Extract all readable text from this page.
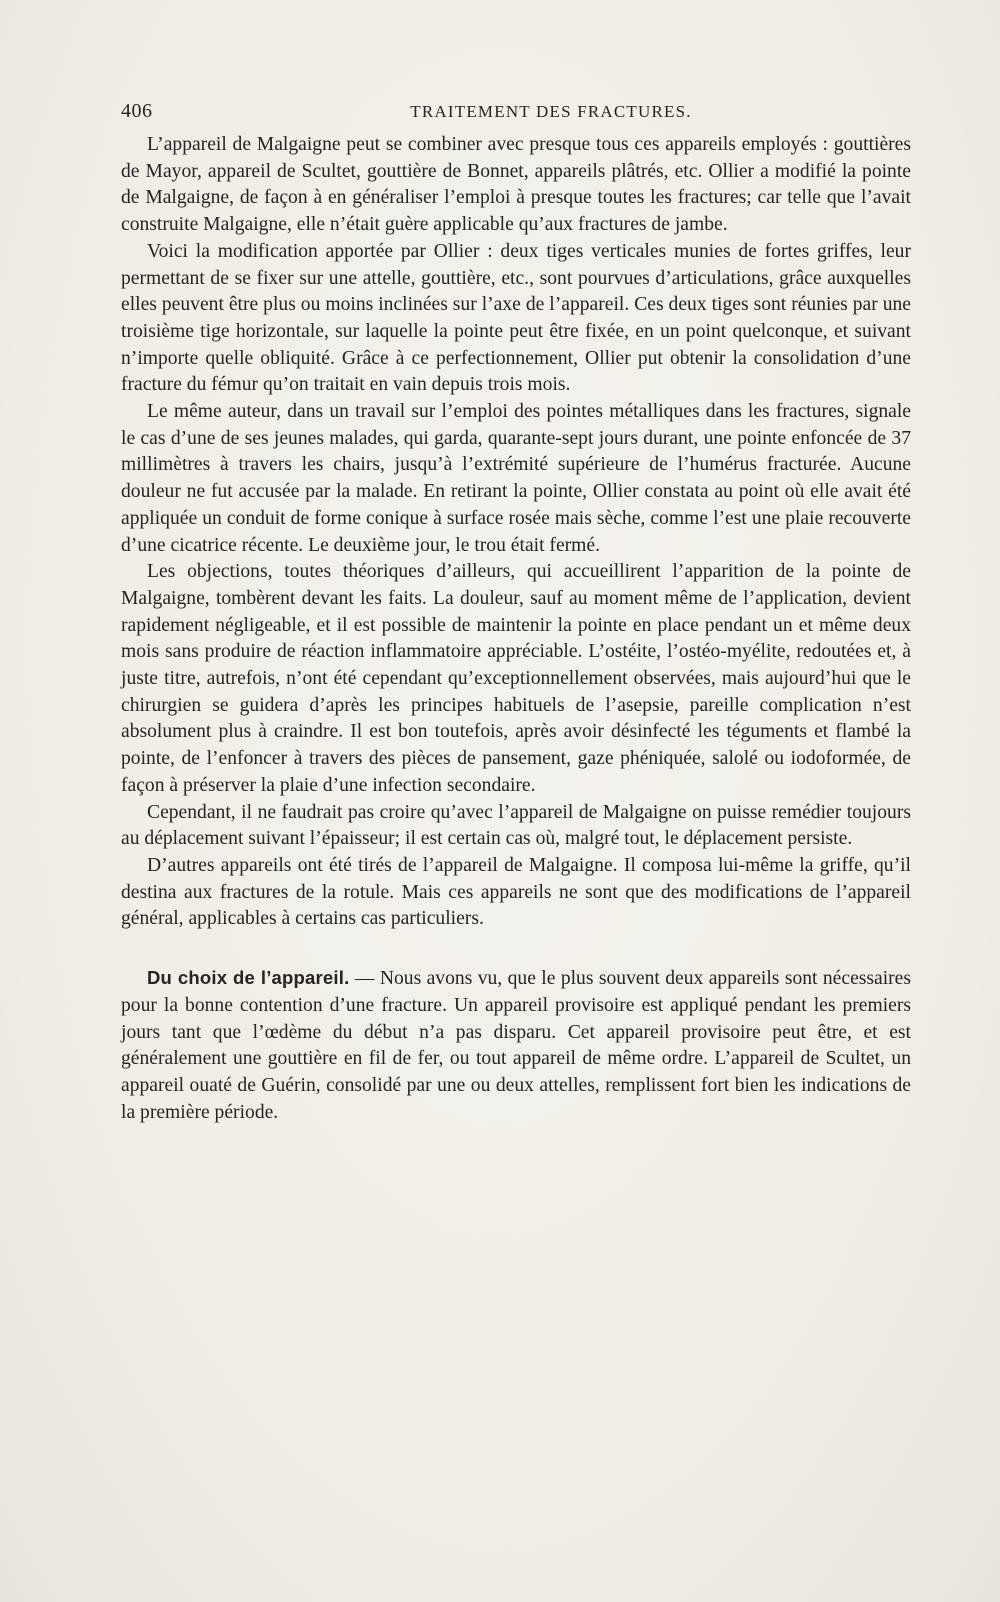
406	TRAITEMENT DES FRACTURES.

L’appareil de Malgaigne peut se combiner avec presque tous ces appareils employés : gouttières de Mayor, appareil de Scultet, gouttière de Bonnet, appareils plâtrés, etc. Ollier a modifié la pointe de Malgaigne, de façon à en généraliser l’emploi à presque toutes les fractures; car telle que l’avait construite Malgaigne, elle n’était guère applicable qu’aux fractures de jambe.

Voici la modification apportée par Ollier : deux tiges verticales munies de fortes griffes, leur permettant de se fixer sur une attelle, gouttière, etc., sont pourvues d’articulations, grâce auxquelles elles peuvent être plus ou moins inclinées sur l’axe de l’appareil. Ces deux tiges sont réunies par une troisième tige horizontale, sur laquelle la pointe peut être fixée, en un point quelconque, et suivant n’importe quelle obliquité. Grâce à ce perfectionnement, Ollier put obtenir la consolidation d’une fracture du fémur qu’on traitait en vain depuis trois mois.

Le même auteur, dans un travail sur l’emploi des pointes métalliques dans les fractures, signale le cas d’une de ses jeunes malades, qui garda, quarante-sept jours durant, une pointe enfoncée de 37 millimètres à travers les chairs, jusqu’à l’extrémité supérieure de l’humérus fracturée. Aucune douleur ne fut accusée par la malade. En retirant la pointe, Ollier constata au point où elle avait été appliquée un conduit de forme conique à surface rosée mais sèche, comme l’est une plaie recouverte d’une cicatrice récente. Le deuxième jour, le trou était fermé.

Les objections, toutes théoriques d’ailleurs, qui accueillirent l’apparition de la pointe de Malgaigne, tombèrent devant les faits. La douleur, sauf au moment même de l’application, devient rapidement négligeable, et il est possible de maintenir la pointe en place pendant un et même deux mois sans produire de réaction inflammatoire appréciable. L’ostéite, l’ostéo-myélite, redoutées et, à juste titre, autrefois, n’ont été cependant qu’exceptionnellement observées, mais aujourd’hui que le chirurgien se guidera d’après les principes habituels de l’asepsie, pareille complication n’est absolument plus à craindre. Il est bon toutefois, après avoir désinfecté les téguments et flambé la pointe, de l’enfoncer à travers des pièces de pansement, gaze phéniquée, salolé ou iodoformée, de façon à préserver la plaie d’une infection secondaire.

Cependant, il ne faudrait pas croire qu’avec l’appareil de Malgaigne on puisse remédier toujours au déplacement suivant l’épaisseur; il est certain cas où, malgré tout, le déplacement persiste.

D’autres appareils ont été tirés de l’appareil de Malgaigne. Il composa lui-même la griffe, qu’il destina aux fractures de la rotule. Mais ces appareils ne sont que des modifications de l’appareil général, applicables à certains cas particuliers.

Du choix de l’appareil. — Nous avons vu, que le plus souvent deux appareils sont nécessaires pour la bonne contention d’une fracture. Un appareil provisoire est appliqué pendant les premiers jours tant que l’œdème du début n’a pas disparu. Cet appareil provisoire peut être, et est généralement une gouttière en fil de fer, ou tout appareil de même ordre. L’appareil de Scultet, un appareil ouaté de Guérin, consolidé par une ou deux attelles, remplissent fort bien les indications de la première période.
